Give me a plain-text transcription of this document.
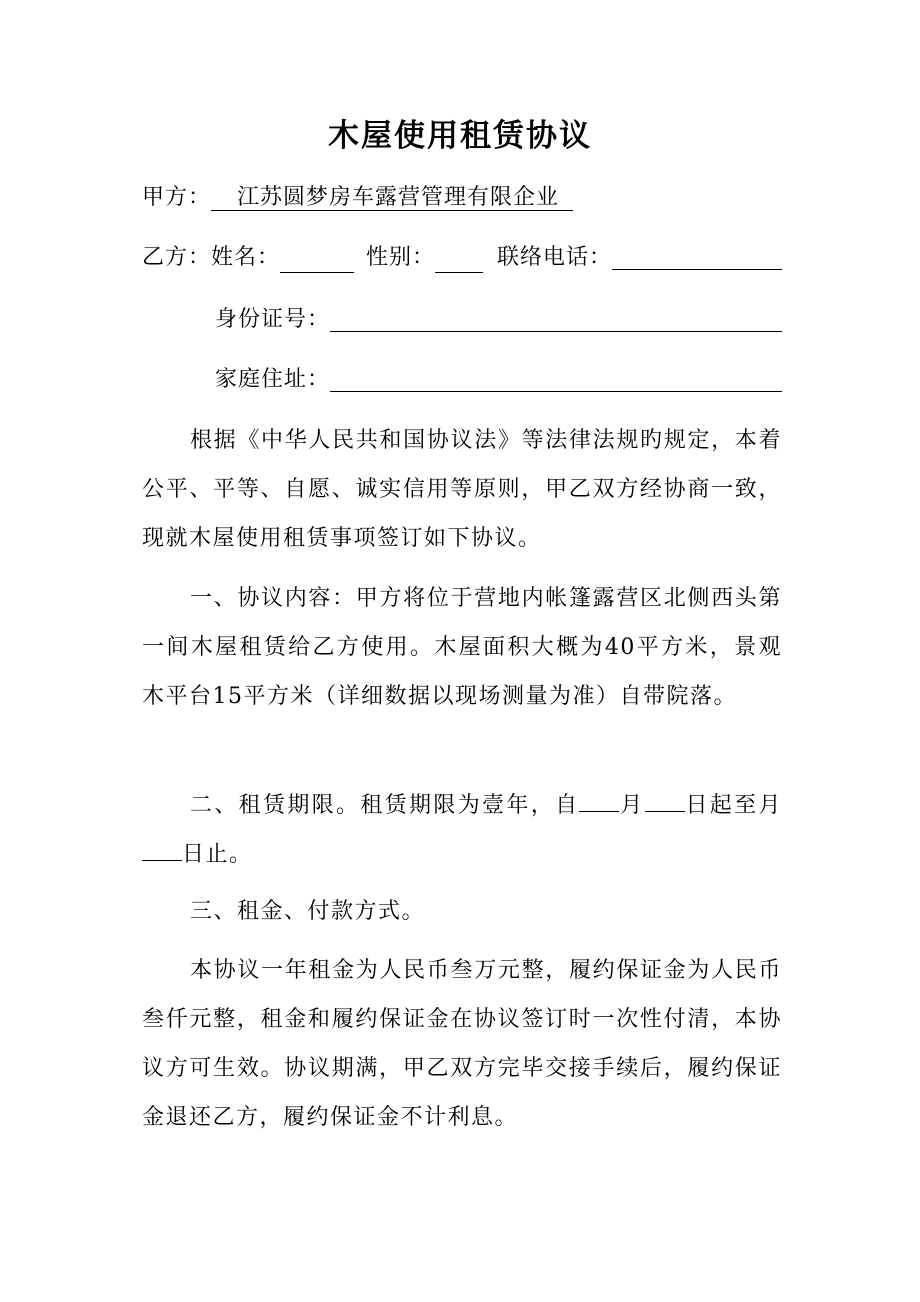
木屋使用租赁协议
甲方： 江苏圆梦房车露营管理有限企业
乙方： 姓名：	性别：	联络电话：
身份证号：
家庭住址：
根据《中华人民共和国协议法》等法律法规旳规定，本着公平、平等、自愿、诚实信用等原则，甲乙双方经协商一致，现就木屋使用租赁事项签订如下协议。
一、协议内容：甲方将位于营地内帐篷露营区北侧西头第一间木屋租赁给乙方使用。木屋面积大概为40平方米，景观木平台15平方米（详细数据以现场测量为准）自带院落。
二、租赁期限。租赁期限为壹年，自 月 日起至月日止。
三、租金、付款方式。
本协议一年租金为人民币叁万元整，履约保证金为人民币叁仟元整，租金和履约保证金在协议签订时一次性付清，本协议方可生效。协议期满，甲乙双方完毕交接手续后，履约保证金退还乙方，履约保证金不计利息。
